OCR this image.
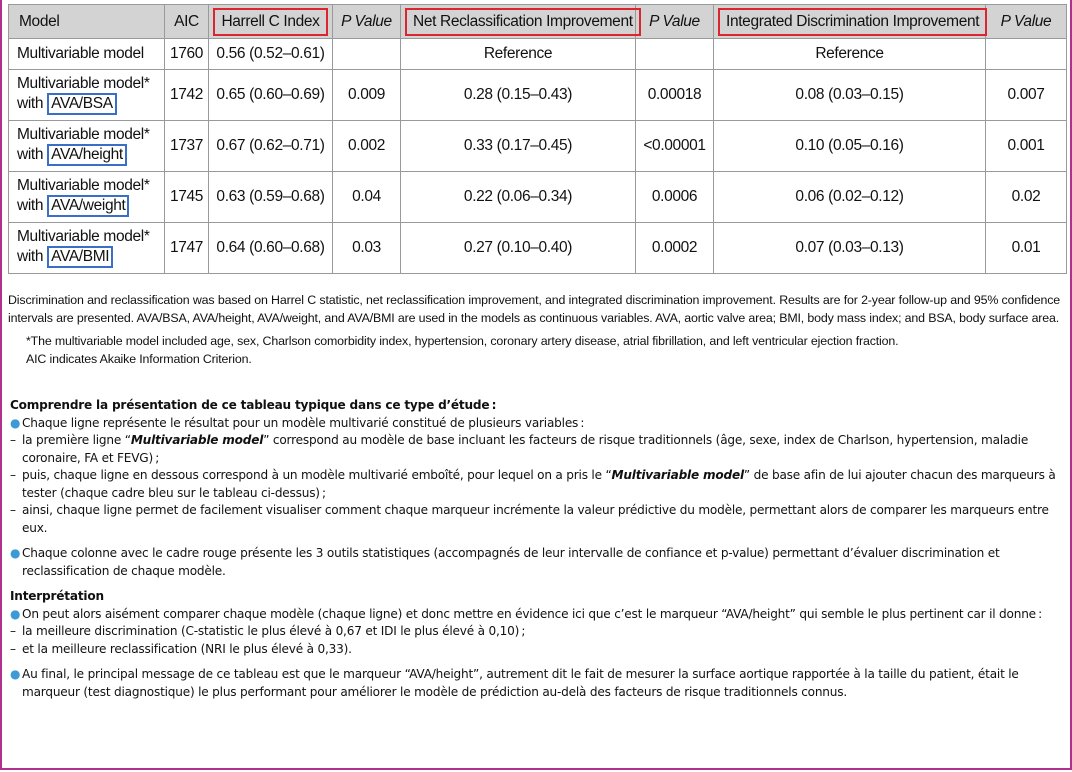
Model	AIC	Harrell C Index	P Value	Net Reclassification Improvement	P Value	Integrated Discrimination Improvement	P Value
Multivariable model	1760	0.56 (0.52–0.61)		Reference		Reference	
Multivariable model*
with AVA/BSA	1742	0.65 (0.60–0.69)	0.009	0.28 (0.15–0.43)	0.00018	0.08 (0.03–0.15)	0.007
Multivariable model*
with AVA/height	1737	0.67 (0.62–0.71)	0.002	0.33 (0.17–0.45)	<0.00001	0.10 (0.05–0.16)	0.001
Multivariable model*
with AVA/weight	1745	0.63 (0.59–0.68)	0.04	0.22 (0.06–0.34)	0.0006	0.06 (0.02–0.12)	0.02
Multivariable model*
with AVA/BMI	1747	0.64 (0.60–0.68)	0.03	0.27 (0.10–0.40)	0.0002	0.07 (0.03–0.13)	0.01

Discrimination and reclassification was based on Harrel C statistic, net reclassification improvement, and integrated discrimination improvement. Results are for 2-year follow-up and 95% confidence intervals are presented. AVA/BSA, AVA/height, AVA/weight, and AVA/BMI are used in the models as continuous variables. AVA, aortic valve area; BMI, body mass index; and BSA, body surface area.

*The multivariable model included age, sex, Charlson comorbidity index, hypertension, coronary artery disease, atrial fibrillation, and left ventricular ejection fraction.

AIC indicates Akaike Information Criterion.

Comprendre la présentation de ce tableau typique dans ce type d’étude :
● Chaque ligne représente le résultat pour un modèle multivarié constitué de plusieurs variables :
– la première ligne “Multivariable model” correspond au modèle de base incluant les facteurs de risque traditionnels (âge, sexe, index de Charlson, hypertension, maladie coronaire, FA et FEVG) ;
– puis, chaque ligne en dessous correspond à un modèle multivarié emboîté, pour lequel on a pris le “Multivariable model” de base afin de lui ajouter chacun des marqueurs à tester (chaque cadre bleu sur le tableau ci-dessus) ;
– ainsi, chaque ligne permet de facilement visualiser comment chaque marqueur incrémente la valeur prédictive du modèle, permettant alors de comparer les marqueurs entre eux.
● Chaque colonne avec le cadre rouge présente les 3 outils statistiques (accompagnés de leur intervalle de confiance et p-value) permettant d’évaluer discrimination et reclassification de chaque modèle.
Interprétation
● On peut alors aisément comparer chaque modèle (chaque ligne) et donc mettre en évidence ici que c’est le marqueur “AVA/height” qui semble le plus pertinent car il donne :
– la meilleure discrimination (C-statistic le plus élevé à 0,67 et IDI le plus élevé à 0,10) ;
– et la meilleure reclassification (NRI le plus élevé à 0,33).
● Au final, le principal message de ce tableau est que le marqueur “AVA/height”, autrement dit le fait de mesurer la surface aortique rapportée à la taille du patient, était le marqueur (test diagnostique) le plus performant pour améliorer le modèle de prédiction au-delà des facteurs de risque traditionnels connus.
